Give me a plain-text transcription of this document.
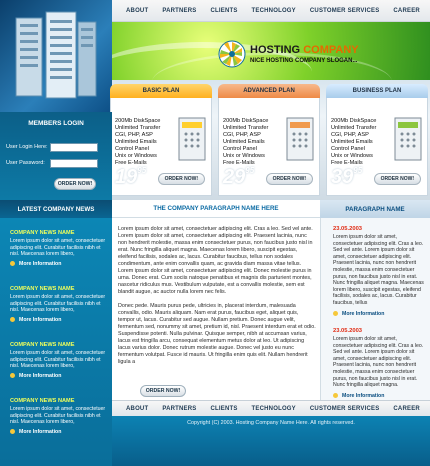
ABOUT PARTNERS CLIENTS TECHNOLOGY CUSTOMER SERVICES CAREER
HOSTING COMPANY
NICE HOSTING COMPANY SLOGAN...
BASIC PLAN
200Mb DiskSpace
Unlimited Transfer
CGI, PHP, ASP
Unlimited Emails
Control Panel
Unix or Windows
Free E-Mails
$19^{95}$
ORDER NOW!
ADVANCED PLAN
200Mb DiskSpace
Unlimited Transfer
CGI, PHP, ASP
Unlimited Emails
Control Panel
Unix or Windows
Free E-Mails
$29^{95}$
ORDER NOW!
BUSINESS PLAN
200Mb DiskSpace
Unlimited Transfer
CGI, PHP, ASP
Unlimited Emails
Control Panel
Unix or Windows
Free E-Mails
$39^{95}$
ORDER NOW!
MEMBERS LOGIN
User Login Here:
User Password:
ORDER NOW!
LATEST COMPANY NEWS
COMPANY NEWS NAME
Lorem ipsum dolor sit amet, consectetuer adipiscing elit. Curabitur facilisis nibh et nisl. Maecenas lorem libero,
More Information
COMPANY NEWS NAME
Lorem ipsum dolor sit amet, consectetuer adipiscing elit. Curabitur facilisis nibh et nisl. Maecenas lorem libero,
More Information
COMPANY NEWS NAME
Lorem ipsum dolor sit amet, consectetuer adipiscing elit. Curabitur facilisis nibh et nisl. Maecenas lorem libero,
More Information
COMPANY NEWS NAME
Lorem ipsum dolor sit amet, consectetuer adipiscing elit. Curabitur facilisis nibh et nisl. Maecenas lorem libero,
More Information
THE COMPANY PARAGRAPH NAME HERE

Lorem ipsum dolor sit amet, consectetuer adipiscing elit. Cras a leo. Sed vel ante. Lorem ipsum dolor sit amet, consectetuer adipiscing elit. Praesent lacinia, nunc non hendrerit molestie, massa enim consectetuer purus, non faucibus justo nisl in erat. Nunc fringilla aliquet magna. Maecenas lorem libero, suscipit egestas, eleifend facilisis, sodales ac, lacus. Curabitur faucibus, tellus non sodales condimentum, ante enim convallis quam, ac gravida diam massa vitae tellus. Lorem ipsum dolor sit amet, consectetuer adipiscing elit. Donec molestie purus in urna. Donec erat. Cum sociis natoque penatibus et magnis dis parturient montes, nascetur ridiculus mus. Vestibulum vulputate, est a convallis molestie, sem est blandit augue, ac auctor nulla lorem nec felis.

Donec pede. Mauris purus pede, ultricies in, placerat interdum, malesuada convallis, odio. Mauris aliquam. Nam erat purus, faucibus eget, aliquet quis, tempor ut, lacus. Curabitur sed augue. Nullam pretium. Donec augue velit, fermentum sed, nonummy sit amet, pretium id, nisl. Praesent interdum erat et odio. Suspendisse potenti. Nulla pulvinar. Quisque semper, nibh at accumsan varius, lacus est fringilla arcu, consequat elementum metus dolor at leo. Ut adipiscing lacus varius dolor. Donec rutrum molestie augue. Donec vel justo eu nunc fermentum volutpat. Fusce id mauris. Ut fringilla enim quis elit. Nullam hendrerit ligula a

ORDER NOW!
PARAGRAPH NAME
23.05.2003
Lorem ipsum dolor sit amet, consectetuer adipiscing elit. Cras a leo. Sed vel ante. Lorem ipsum dolor sit amet, consectetuer adipiscing elit. Praesent lacinia, nunc non hendrerit molestie, massa enim consectetuer purus, non faucibus justo nisl in erat. Nunc fringilla aliquet magna. Maecenas lorem libero, suscipit egestas, eleifend facilisis, sodales ac, lacus. Curabitur faucibus, tellus
More Information
23.05.2003
Lorem ipsum dolor sit amet, consectetuer adipiscing elit. Cras a leo. Sed vel ante. Lorem ipsum dolor sit amet, consectetuer adipiscing elit. Praesent lacinia, nunc non hendrerit molestie, massa enim consectetuer purus, non faucibus justo nisl in erat. Nunc fringilla aliquet magna.
More Information
ABOUT PARTNERS CLIENTS TECHNOLOGY CUSTOMER SERVICES CAREER
Copyright (C) 2003. Hosting Company Name Here. All rights reserved.
